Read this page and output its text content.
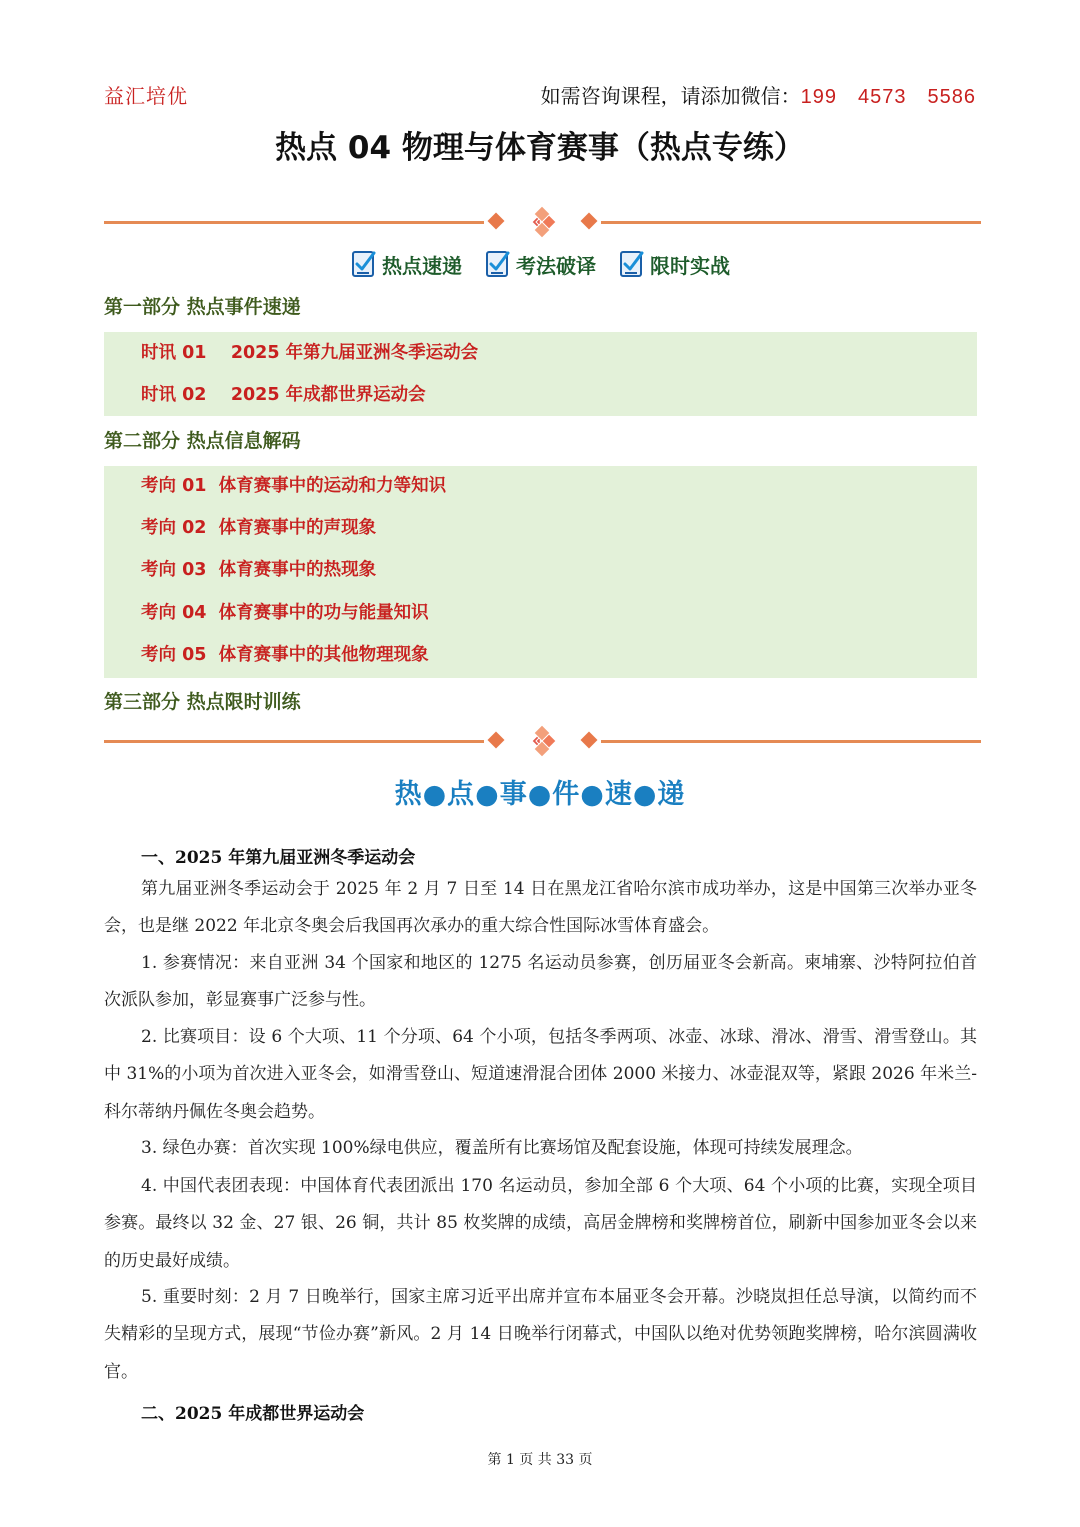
益汇培优	如需咨询课程，请添加微信：199　4573　5586
热点 04 物理与体育赛事（热点专练）
热点速递	考法破译	限时实战
第一部分 热点事件速递
时讯 01    2025 年第九届亚洲冬季运动会
时讯 02    2025 年成都世界运动会
第二部分 热点信息解码
考向 01  体育赛事中的运动和力等知识
考向 02  体育赛事中的声现象
考向 03  体育赛事中的热现象
考向 04  体育赛事中的功与能量知识
考向 05  体育赛事中的其他物理现象
第三部分 热点限时训练
热●点●事●件●速●递
一、2025 年第九届亚洲冬季运动会
第九届亚洲冬季运动会于 2025 年 2 月 7 日至 14 日在黑龙江省哈尔滨市成功举办，这是中国第三次举办亚冬会，也是继 2022 年北京冬奥会后我国再次承办的重大综合性国际冰雪体育盛会。
1. 参赛情况：来自亚洲 34 个国家和地区的 1275 名运动员参赛，创历届亚冬会新高。柬埔寨、沙特阿拉伯首次派队参加，彰显赛事广泛参与性。
2. 比赛项目：设 6 个大项、11 个分项、64 个小项，包括冬季两项、冰壶、冰球、滑冰、滑雪、滑雪登山。其中 31%的小项为首次进入亚冬会，如滑雪登山、短道速滑混合团体 2000 米接力、冰壶混双等，紧跟 2026 年米兰-科尔蒂纳丹佩佐冬奥会趋势。
3. 绿色办赛：首次实现 100%绿电供应，覆盖所有比赛场馆及配套设施，体现可持续发展理念。
4. 中国代表团表现：中国体育代表团派出 170 名运动员，参加全部 6 个大项、64 个小项的比赛，实现全项目参赛。最终以 32 金、27 银、26 铜，共计 85 枚奖牌的成绩，高居金牌榜和奖牌榜首位，刷新中国参加亚冬会以来的历史最好成绩。
5. 重要时刻：2 月 7 日晚举行，国家主席习近平出席并宣布本届亚冬会开幕。沙晓岚担任总导演，以简约而不失精彩的呈现方式，展现“节俭办赛”新风。2 月 14 日晚举行闭幕式，中国队以绝对优势领跑奖牌榜，哈尔滨圆满收官。
二、2025 年成都世界运动会
第 1 页 共 33 页
